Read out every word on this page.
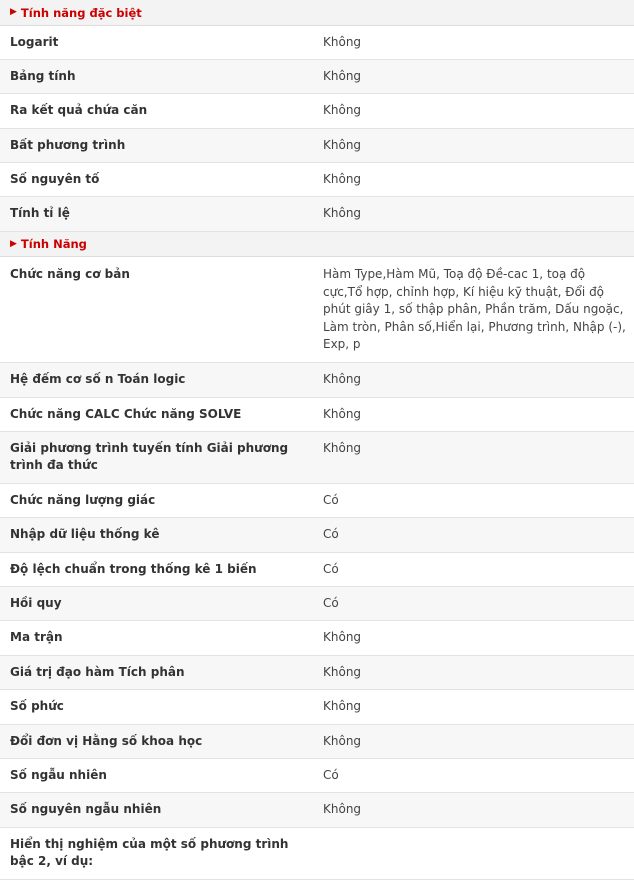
▶ Tính năng đặc biệt	
Logarit	Không
Bảng tính	Không
Ra kết quả chứa căn	Không
Bất phương trình	Không
Số nguyên tố	Không
Tính tỉ lệ	Không
▶ Tính Năng	
Chức năng cơ bản	Hàm Type,Hàm Mũ, Toạ độ Đề-cac 1, toạ độ cực,Tổ hợp, chỉnh hợp, Kí hiệu kỹ thuật, Đổi độ phút giây 1, số thập phân, Phần trăm, Dấu ngoặc, Làm tròn, Phân số,Hiển lại, Phương trình, Nhập (-), Exp, p
Hệ đếm cơ số n Toán logic	Không
Chức năng CALC Chức năng SOLVE	Không
Giải phương trình tuyến tính Giải phương trình đa thức	Không
Chức năng lượng giác	Có
Nhập dữ liệu thống kê	Có
Độ lệch chuẩn trong thống kê 1 biến	Có
Hồi quy	Có
Ma trận	Không
Giá trị đạo hàm Tích phân	Không
Số phức	Không
Đổi đơn vị Hằng số khoa học	Không
Số ngẫu nhiên	Có
Số nguyên ngẫu nhiên	Không
Hiển thị nghiệm của một số phương trình bậc 2, ví dụ:	
